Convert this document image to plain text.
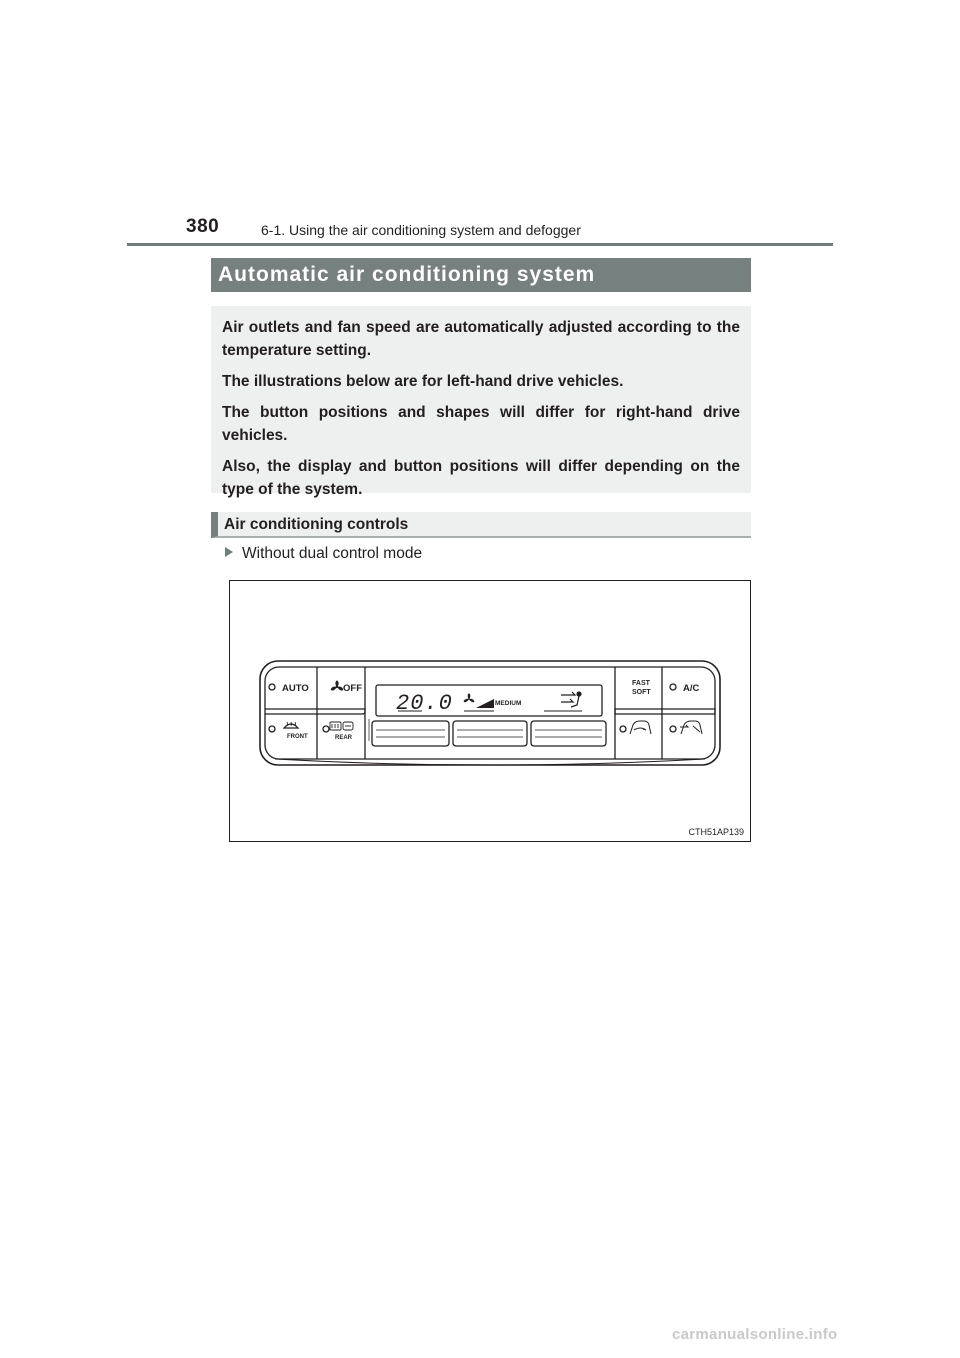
380	6-1. Using the air conditioning system and defogger
Automatic air conditioning system

Air outlets and fan speed are automatically adjusted according to the temperature setting.

The illustrations below are for left-hand drive vehicles.

The button positions and shapes will differ for right-hand drive vehicles.

Also, the display and button positions will differ depending on the type of the system.

Air conditioning controls
Without dual control mode
AUTO	OFF
FRONT	REAR
FAST
SOFT	A/C
20.0	MEDIUM
CTH51AP139
carmanualsonline.info
